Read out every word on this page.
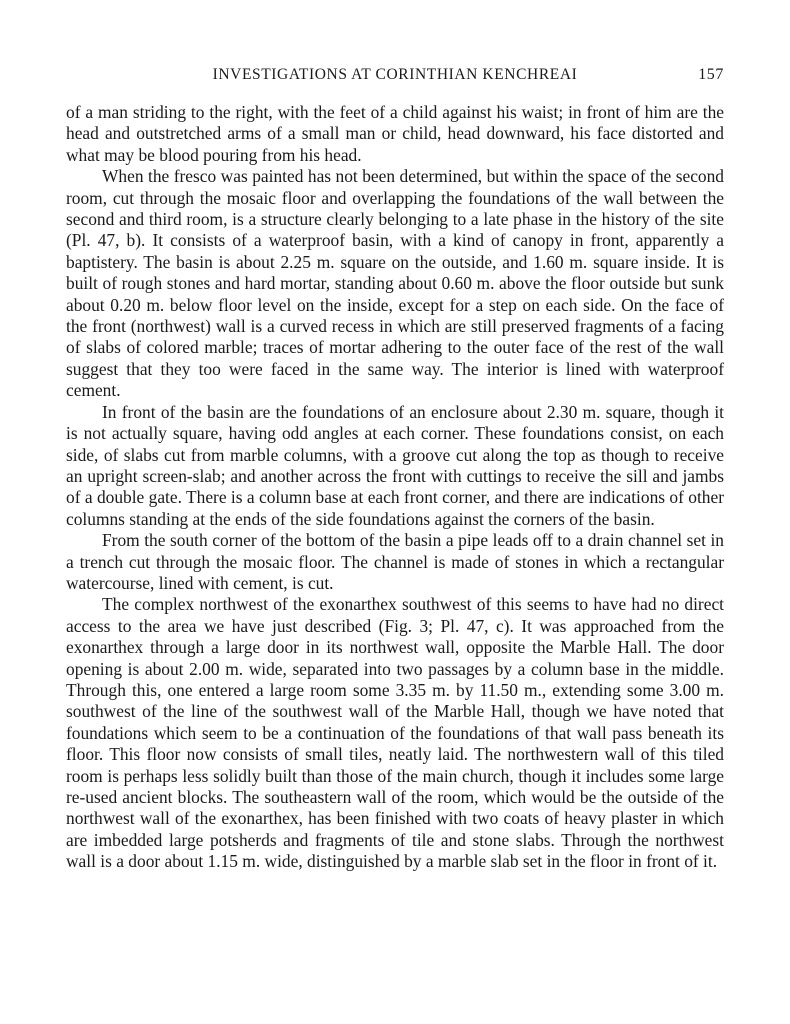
INVESTIGATIONS AT CORINTHIAN KENCHREAI	157

of a man striding to the right, with the feet of a child against his waist; in front of him are the head and outstretched arms of a small man or child, head downward, his face distorted and what may be blood pouring from his head.

When the fresco was painted has not been determined, but within the space of the second room, cut through the mosaic floor and overlapping the foundations of the wall between the second and third room, is a structure clearly belonging to a late phase in the history of the site (Pl. 47, b). It consists of a waterproof basin, with a kind of canopy in front, apparently a baptistery. The basin is about 2.25 m. square on the outside, and 1.60 m. square inside. It is built of rough stones and hard mortar, standing about 0.60 m. above the floor outside but sunk about 0.20 m. below floor level on the inside, except for a step on each side. On the face of the front (northwest) wall is a curved recess in which are still preserved fragments of a facing of slabs of colored marble; traces of mortar adhering to the outer face of the rest of the wall suggest that they too were faced in the same way. The interior is lined with waterproof cement.

In front of the basin are the foundations of an enclosure about 2.30 m. square, though it is not actually square, having odd angles at each corner. These foundations consist, on each side, of slabs cut from marble columns, with a groove cut along the top as though to receive an upright screen-slab; and another across the front with cuttings to receive the sill and jambs of a double gate. There is a column base at each front corner, and there are indications of other columns standing at the ends of the side foundations against the corners of the basin.

From the south corner of the bottom of the basin a pipe leads off to a drain channel set in a trench cut through the mosaic floor. The channel is made of stones in which a rectangular watercourse, lined with cement, is cut.

The complex northwest of the exonarthex southwest of this seems to have had no direct access to the area we have just described (Fig. 3; Pl. 47, c). It was approached from the exonarthex through a large door in its northwest wall, opposite the Marble Hall. The door opening is about 2.00 m. wide, separated into two passages by a column base in the middle. Through this, one entered a large room some 3.35 m. by 11.50 m., extending some 3.00 m. southwest of the line of the southwest wall of the Marble Hall, though we have noted that foundations which seem to be a continuation of the foundations of that wall pass beneath its floor. This floor now consists of small tiles, neatly laid. The northwestern wall of this tiled room is perhaps less solidly built than those of the main church, though it includes some large re-used ancient blocks. The southeastern wall of the room, which would be the outside of the northwest wall of the exonarthex, has been finished with two coats of heavy plaster in which are imbedded large potsherds and fragments of tile and stone slabs. Through the northwest wall is a door about 1.15 m. wide, distinguished by a marble slab set in the floor in front of it.
